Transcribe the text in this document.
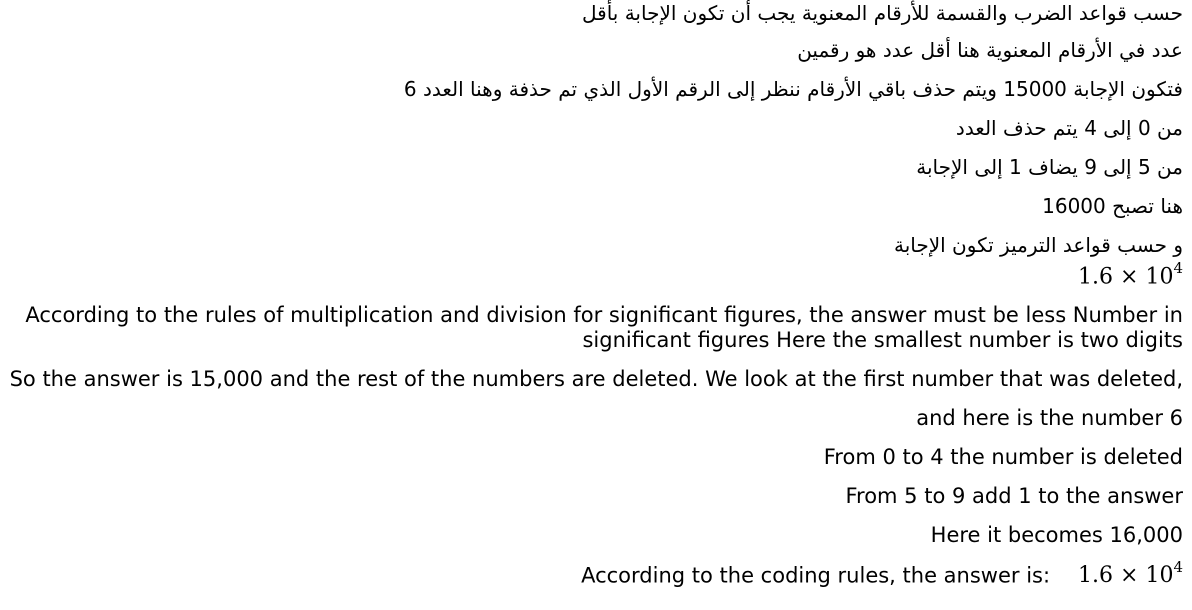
حسب قواعد الضرب والقسمة للأرقام المعنوية يجب أن تكون الإجابة بأقل
عدد في الأرقام المعنوية هنا أقل عدد هو رقمين
فتكون الإجابة 15000 ويتم حذف باقي الأرقام ننظر إلى الرقم الأول الذي تم حذفة وهنا العدد 6
من 0 إلى 4 يتم حذف العدد
من 5 إلى 9 يضاف 1 إلى الإجابة
هنا تصبح 16000
و حسب قواعد الترميز تكون الإجابة
$1.6 \times 10^4$
According to the rules of multiplication and division for significant figures, the answer must be less Number in significant figures Here the smallest number is two digits
So the answer is 15,000 and the rest of the numbers are deleted. We look at the first number that was deleted,
and here is the number 6
From 0 to 4 the number is deleted
From 5 to 9 add 1 to the answer
Here it becomes 16,000
According to the coding rules, the answer is: $1.6 \times 10^4$
